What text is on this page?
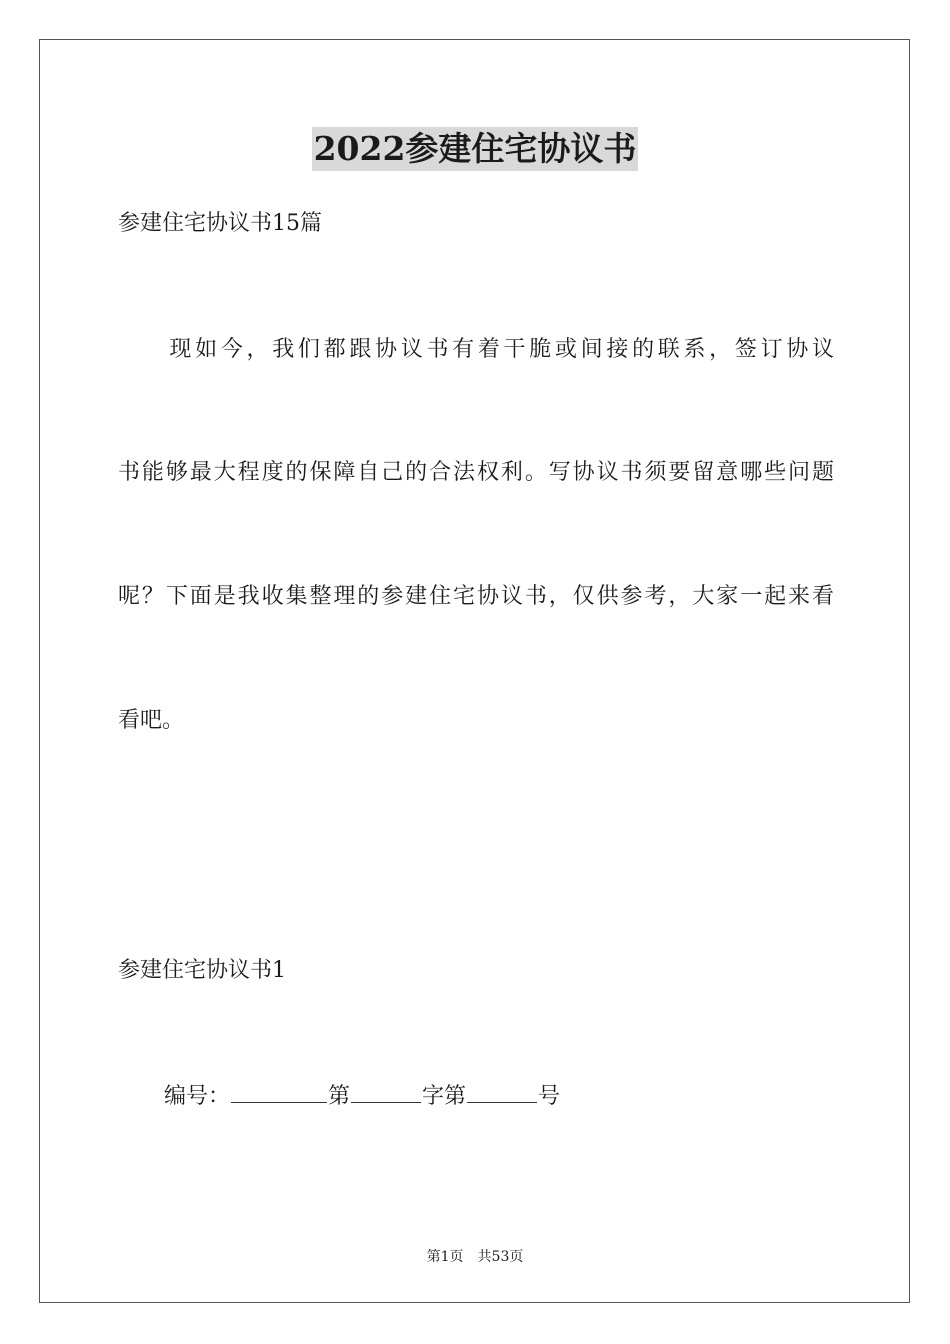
2022参建住宅协议书
参建住宅协议书15篇
　　现如今，我们都跟协议书有着干脆或间接的联系，签订协议
书能够最大程度的保障自己的合法权利。写协议书须要留意哪些问题
呢？下面是我收集整理的参建住宅协议书，仅供参考，大家一起来看
看吧。
参建住宅协议书1
编号：	第	字第	号
第1页　共53页
